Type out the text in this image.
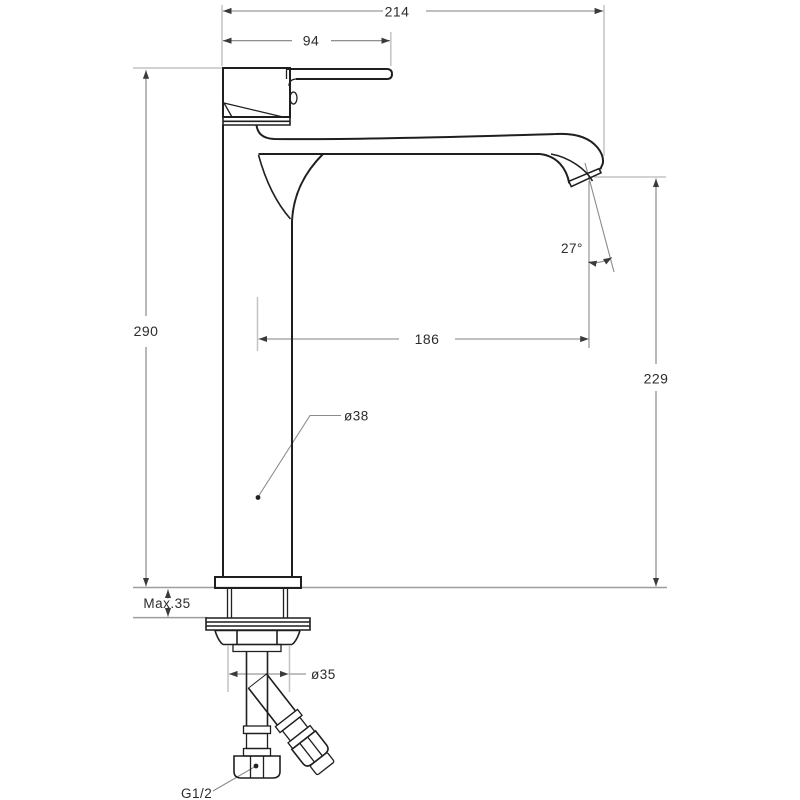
214
94
290	186
229
27°
ø38
Max.35
ø35
G1/2
